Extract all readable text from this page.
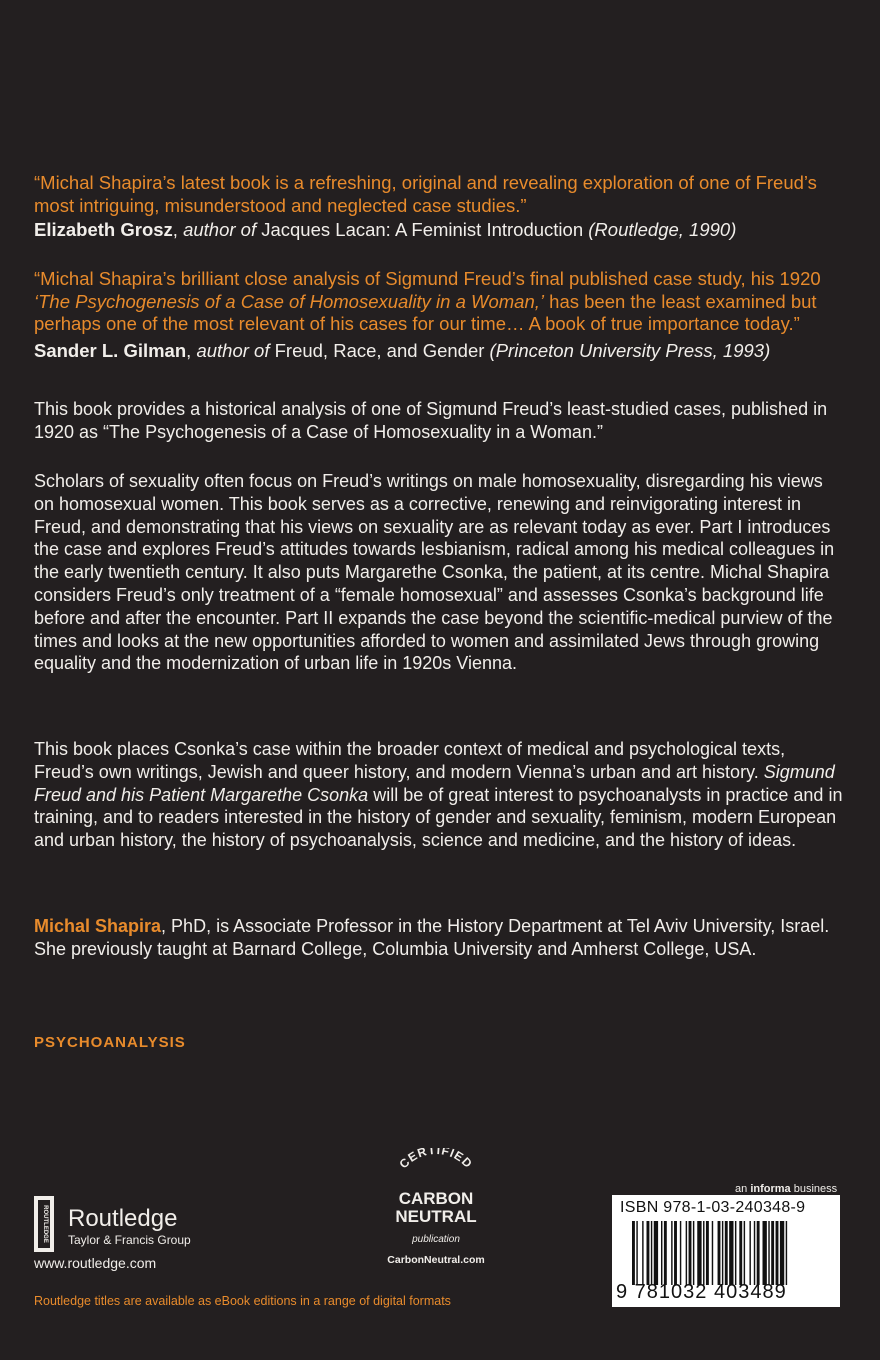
“Michal Shapira’s latest book is a refreshing, original and revealing exploration of one of Freud’s most intriguing, misunderstood and neglected case studies.”
Elizabeth Grosz, author of Jacques Lacan: A Feminist Introduction (Routledge, 1990)
“Michal Shapira’s brilliant close analysis of Sigmund Freud’s final published case study, his 1920 ‘The Psychogenesis of a Case of Homosexuality in a Woman,’ has been the least examined but perhaps one of the most relevant of his cases for our time… A book of true importance today.”
Sander L. Gilman, author of Freud, Race, and Gender (Princeton University Press, 1993)
This book provides a historical analysis of one of Sigmund Freud’s least-studied cases, published in 1920 as “The Psychogenesis of a Case of Homosexuality in a Woman.”
Scholars of sexuality often focus on Freud’s writings on male homosexuality, disregarding his views on homosexual women. This book serves as a corrective, renewing and reinvigorating interest in Freud, and demonstrating that his views on sexuality are as relevant today as ever. Part I introduces the case and explores Freud’s attitudes towards lesbianism, radical among his medical colleagues in the early twentieth century. It also puts Margarethe Csonka, the patient, at its centre. Michal Shapira considers Freud’s only treatment of a “female homosexual” and assesses Csonka’s background life before and after the encounter. Part II expands the case beyond the scientific-medical purview of the times and looks at the new opportunities afforded to women and assimilated Jews through growing equality and the modernization of urban life in 1920s Vienna.
This book places Csonka’s case within the broader context of medical and psychological texts, Freud’s own writings, Jewish and queer history, and modern Vienna’s urban and art history. Sigmund Freud and his Patient Margarethe Csonka will be of great interest to psychoanalysts in practice and in training, and to readers interested in the history of gender and sexuality, feminism, modern European and urban history, the history of psychoanalysis, science and medicine, and the history of ideas.
Michal Shapira, PhD, is Associate Professor in the History Department at Tel Aviv University, Israel. She previously taught at Barnard College, Columbia University and Amherst College, USA.
PSYCHOANALYSIS
ROUTLEDGE Routledge
Taylor & Francis Group
www.routledge.com
Routledge titles are available as eBook editions in a range of digital formats
CERTIFIED
CARBON
NEUTRAL
publication
CarbonNeutral.com
an informa business
ISBN 978-1-03-240348-9
9 781032 403489
